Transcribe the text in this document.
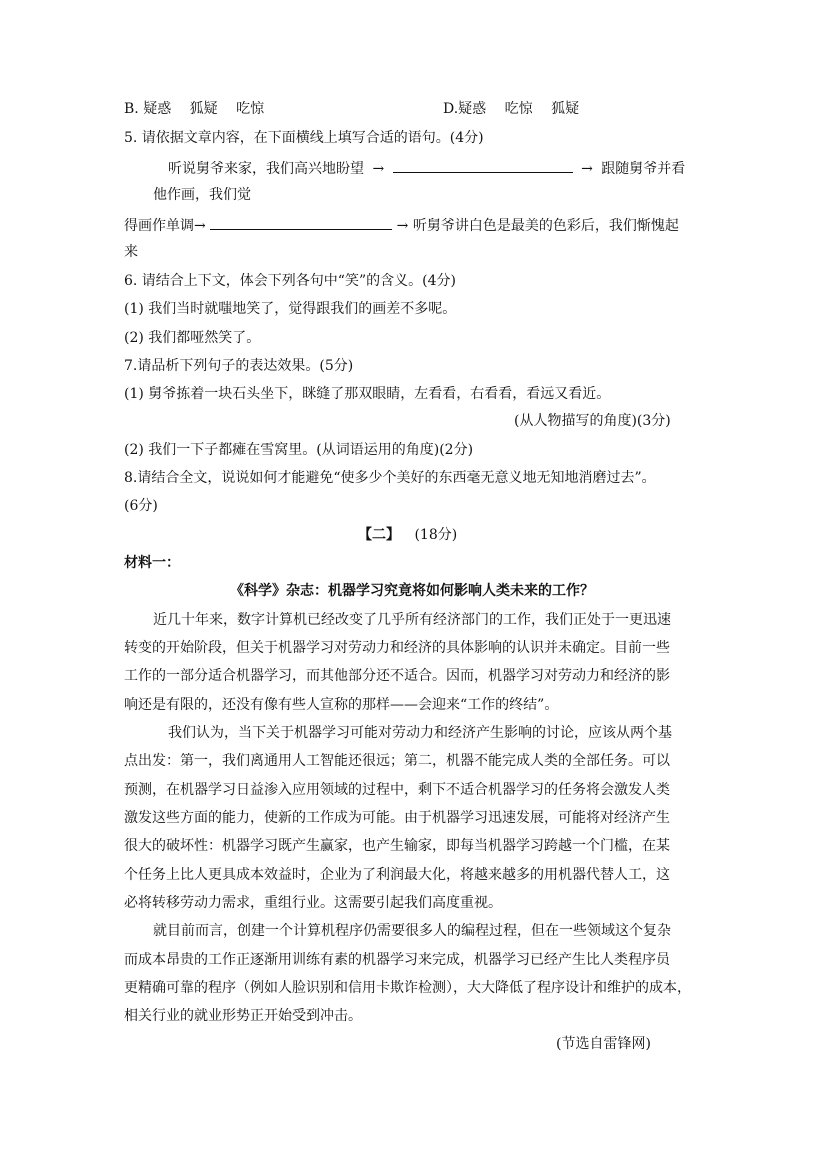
B. 疑惑　 狐疑　 吃惊	D.疑惑　 吃惊　 狐疑
5. 请依据文章内容，在下面横线上填写合适的语句。(4分)
听说舅爷来家，我们高兴地盼望 →	→ 跟随舅爷并看
他作画，我们觉
得画作单调→	→ 听舅爷讲白色是最美的色彩后，我们惭愧起
来
6. 请结合上下文，体会下列各句中“笑”的含义。(4分)
(1) 我们当时就嗤地笑了，觉得跟我们的画差不多呢。
(2) 我们都哑然笑了。
7.请品析下列句子的表达效果。(5分)
(1) 舅爷拣着一块石头坐下，眯缝了那双眼睛，左看看，右看看，看远又看近。
(从人物描写的角度)(3分)
(2) 我们一下子都瘫在雪窝里。(从词语运用的角度)(2分)
8.请结合全文，说说如何才能避免“使多少个美好的东西毫无意义地无知地消磨过去”。
(6分)
【二】 (18分)
材料一：
《科学》杂志：机器学习究竟将如何影响人类未来的工作？
近几十年来，数字计算机已经改变了几乎所有经济部门的工作，我们正处于一更迅速
转变的开始阶段，但关于机器学习对劳动力和经济的具体影响的认识并未确定。目前一些
工作的一部分适合机器学习，而其他部分还不适合。因而，机器学习对劳动力和经济的影
响还是有限的，还没有像有些人宣称的那样——会迎来“工作的终结”。
我们认为，当下关于机器学习可能对劳动力和经济产生影响的讨论，应该从两个基
点出发：第一，我们离通用人工智能还很远；第二，机器不能完成人类的全部任务。可以
预测，在机器学习日益渗入应用领域的过程中，剩下不适合机器学习的任务将会激发人类
激发这些方面的能力，使新的工作成为可能。由于机器学习迅速发展，可能将对经济产生
很大的破坏性：机器学习既产生赢家，也产生输家，即每当机器学习跨越一个门槛，在某
个任务上比人更具成本效益时，企业为了利润最大化，将越来越多的用机器代替人工，这
必将转移劳动力需求，重组行业。这需要引起我们高度重视。
就目前而言，创建一个计算机程序仍需要很多人的编程过程，但在一些领域这个复杂
而成本昂贵的工作正逐渐用训练有素的机器学习来完成，机器学习已经产生比人类程序员
更精确可靠的程序（例如人脸识别和信用卡欺诈检测），大大降低了程序设计和维护的成本，
相关行业的就业形势正开始受到冲击。
(节选自雷锋网)
